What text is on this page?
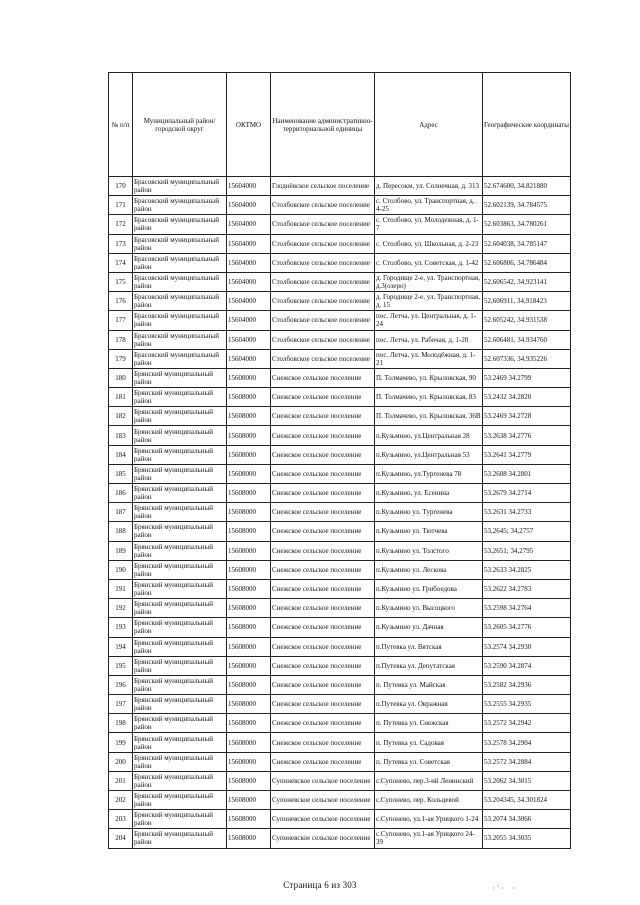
№ п/п	Муниципальный район/городской округ	ОКТМО	Наименование административно-территориальной единицы	Адрес	Географические координаты
170	Брасовский муниципальный район	15604000	Глоднёвское сельское поселение	д. Пересокм, ул. Солнечная, д. 313	52.674600, 34.821880
171	Брасовский муниципальный район	15604000	Столбовское сельское поселение	с. Столбово, ул. Транспортная, д. 4-25	52.602139, 34.784575
172	Брасовский муниципальный район	15604000	Столбовское сельское поселение	с. Столбово, ул. Молодежная, д. 1-7	52.603863, 34.780261
173	Брасовский муниципальный район	15604000	Столбовское сельское поселение	с. Столбово, ул. Школьная, д. 2-23	52.604038, 34.785147
174	Брасовский муниципальный район	15604000	Столбовское сельское поселение	с. Столбово, ул. Советская, д. 1-42	52.606806, 34.786484
175	Брасовский муниципальный район	15604000	Столбовское сельское поселение	д. Городище 2-е, ул. Транспортная, д.3(озеро)	52,606542, 34,923141
176	Брасовский муниципальный район	15604000	Столбовское сельское поселение	д. Городище 2-е, ул. Транспортная, д. 15	52,606911, 34,918423
177	Брасовский муниципальный район	15604000	Столбовское сельское поселение	пос. Летча, ул. Центральная, д. 1-24	52.605242, 34.931538
178	Брасовский муниципальный район	15604000	Столбовское сельское поселение	пос. Летча, ул. Рабочая, д. 1-20	52.606481, 34.934760
179	Брасовский муниципальный район	15604000	Столбовское сельское поселение	пос. Летча, ул. Молодёжная, д. 1-21	52.607336, 34.935226
180	Брянский муниципальный район	15608000	Снежское сельское поселение	П. Толмачево, ул. Крыловская, 90	53.2469 34.2799
181	Брянский муниципальный район	15608000	Снежское сельское поселение	П. Толмачево, ул. Крыловская, 83	53.2432 34.2820
182	Брянский муниципальный район	15608000	Снежское сельское поселение	П. Толмачево, ул. Крыловская, 36В	53.2469 34.2728
183	Брянский муниципальный район	15608000	Снежское сельское поселение	п.Кузьмино, ул.Центральная 28	53.2638 34.2776
184	Брянский муниципальный район	15608000	Снежское сельское поселение	п.Кузьмино, ул.Центральная 53	53.2641 34.2779
185	Брянский муниципальный район	15608000	Снежское сельское поселение	п.Кузьмино, ул.Тургенева 78	53.2608 34.2801
186	Брянский муниципальный район	15608000	Снежское сельское поселение	п.Кузьмино, ул. Есенина	53.2679 34.2714
187	Брянский муниципальный район	15608000	Снежское сельское поселение	п.Кузьмино ул. Тургенева	53.2631 34.2733
188	Брянский муниципальный район	15608000	Снежское сельское поселение	п.Кузьмино ул. Тютчева	53,2645; 34,2757
189	Брянский муниципальный район	15608000	Снежское сельское поселение	п.Кузьмино ул. Толстого	53,2651; 34,2795
190	Брянский муниципальный район	15608000	Снежское сельское поселение	п.Кузьмино ул. Лескова	53.2633 34.2825
191	Брянский муниципальный район	15608000	Снежское сельское поселение	п.Кузьмино ул. Грибоедова	53.2622 34.2783
192	Брянский муниципальный район	15608000	Снежское сельское поселение	п.Кузьмино ул. Высоцкого	53.2598 34.2764
193	Брянский муниципальный район	15608000	Снежское сельское поселение	п.Кузьмино ул. Дачная	53.2605 34.2776
194	Брянский муниципальный район	15608000	Снежское сельское поселение	п.Путевка ул. Вятская	53.2574 34.2930
195	Брянский муниципальный район	15608000	Снежское сельское поселение	п.Путевка ул. Депутатская	53.2590 34.2874
196	Брянский муниципальный район	15608000	Снежское сельское поселение	п. Путевка ул. Майская	53.2582 34.2936
197	Брянский муниципальный район	15608000	Снежское сельское поселение	п.Путевка ул. Овражная	53.2555 34.2935
198	Брянский муниципальный район	15608000	Снежское сельское поселение	п. Путевка ул. Снежская	53.2572 34.2942
199	Брянский муниципальный район	15608000	Снежское сельское поселение	п. Путевка ул. Садовая	53.2578 34.2904
200	Брянский муниципальный район	15608000	Снежское сельское поселение	п. Путевка ул. Советская	53.2572 34.2884
201	Брянский муниципальный район	15608000	Супоневское сельское поселение	с.Супонево, пер.3-ий Ленинский	53.2062 34.3015
202	Брянский муниципальный район	15608000	Супоневское сельское поселение	с.Супонево, пер. Кольцевой	53.204345, 34.301824
203	Брянский муниципальный район	15608000	Супоневское сельское поселение	с.Супонево, ул.1-ая Урицкого 1-24	53.2074 34.3066
204	Брянский муниципальный район	15608000	Супоневское сельское поселение	с.Супонево, ул.1-ая Урицкого 24-39	53.2055 34.3035
Страница 6 из 303	· ` ·    ·
